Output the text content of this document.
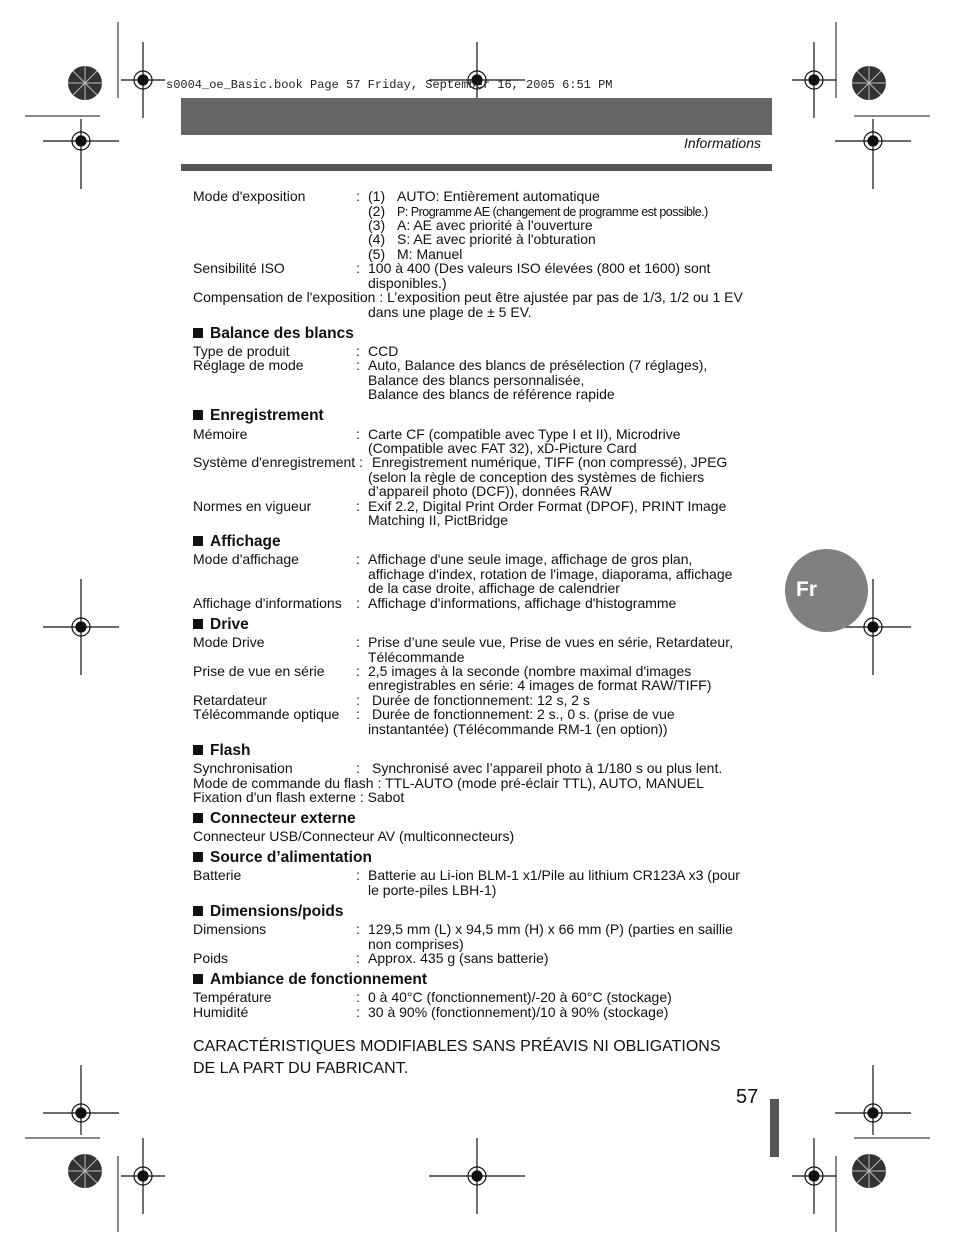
s0004_oe_Basic.book Page 57 Friday, September 16, 2005 6:51 PM
Informations
Mode d'exposition	: (1) AUTO: Entièrement automatique
(2) P: Programme AE (changement de programme est possible.)
(3) A: AE avec priorité à l'ouverture
(4) S: AE avec priorité à l'obturation
(5) M: Manuel
Sensibilité ISO	: 100 à 400 (Des valeurs ISO élevées (800 et 1600) sont
disponibles.)
Compensation de l'exposition : L’exposition peut être ajustée par pas de 1/3, 1/2 ou 1 EV
dans une plage de ± 5 EV.
Balance des blancs
Type de produit	: CCD
Réglage de mode	: Auto, Balance des blancs de présélection (7 réglages),
Balance des blancs personnalisée,
Balance des blancs de référence rapide
Enregistrement
Mémoire	: Carte CF (compatible avec Type I et II), Microdrive
(Compatible avec FAT 32), xD-Picture Card
Système d'enregistrement : Enregistrement numérique, TIFF (non compressé), JPEG
(selon la règle de conception des systèmes de fichiers
d’appareil photo (DCF)), données RAW
Normes en vigueur	: Exif 2.2, Digital Print Order Format (DPOF), PRINT Image
Matching II, PictBridge
Affichage
Mode d'affichage	: Affichage d'une seule image, affichage de gros plan,
affichage d'index, rotation de l'image, diaporama, affichage
de la case droite, affichage de calendrier
Affichage d'informations : Affichage d'informations, affichage d'histogramme
Drive
Mode Drive	: Prise d’une seule vue, Prise de vues en série, Retardateur,
Télécommande
Prise de vue en série : 2,5 images à la seconde (nombre maximal d'images
enregistrables en série: 4 images de format RAW/TIFF)
Retardateur	: Durée de fonctionnement: 12 s, 2 s
Télécommande optique : Durée de fonctionnement: 2 s., 0 s. (prise de vue
instantantée) (Télécommande RM-1 (en option))
Flash
Synchronisation	: Synchronisé avec l’appareil photo à 1/180 s ou plus lent.
Mode de commande du flash : TTL-AUTO (mode pré-éclair TTL), AUTO, MANUEL
Fixation d'un flash externe : Sabot
Connecteur externe
Connecteur USB/Connecteur AV (multiconnecteurs)
Source d’alimentation
Batterie	: Batterie au Li-ion BLM-1 x1/Pile au lithium CR123A x3 (pour
le porte-piles LBH-1)
Dimensions/poids
Dimensions	: 129,5 mm (L) x 94,5 mm (H) x 66 mm (P) (parties en saillie
non comprises)
Poids	: Approx. 435 g (sans batterie)
Ambiance de fonctionnement
Température	: 0 à 40°C (fonctionnement)/-20 à 60°C (stockage)
Humidité	: 30 à 90% (fonctionnement)/10 à 90% (stockage)
CARACTÉRISTIQUES MODIFIABLES SANS PRÉAVIS NI OBLIGATIONS
DE LA PART DU FABRICANT.
57
Fr
